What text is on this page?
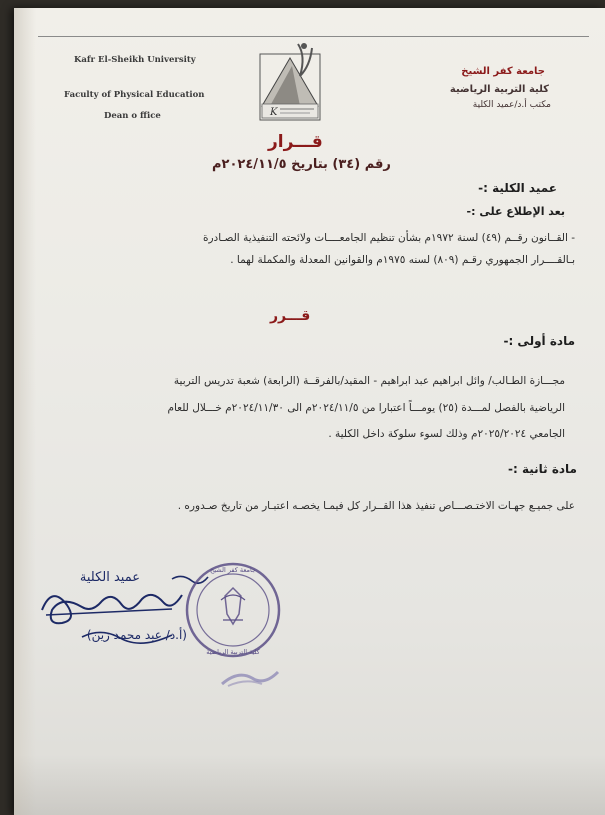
Kafr El-Sheikh University
Faculty of Physical Education
Dean o ffice
جامعة كفر الشيخ
كلية التربية الرياضية
مكتب أ.د/عميد الكلية
K
قـــرار
رقم (٣٤) بتاريخ ٢٠٢٤/١١/٥م
عميد الكلية :-
بعد الإطلاع على :-
- القــانون رقــم (٤٩) لسنة ١٩٧٢م بشأن تنظيم الجامعــــات ولائحته التنفيذية الصـادرة
بـالقــــرار الجمهوري رقـم (٨٠٩) لسنه ١٩٧٥م والقوانين المعدلة والمكملة لهما .
قـــرر
مادة أولى :-
مجـــازة الطـالب/ وائل ابراهيم عبد ابراهيم - المقيد/بالفرقــة (الرابعة) شعبة تدريس التربية
الرياضية بالفصل لمـــدة (٢٥) يومـــاً اعتبارا من ٢٠٢٤/١١/٥م الى ٢٠٢٤/١١/٣٠م خـــلال للعام
الجامعي ٢٠٢٥/٢٠٢٤م وذلك لسوء سلوكة داخل الكلية .
مادة ثانية :-
على جميـع جهـات الاختـصـــاص تنفيذ هذا القــرار كل فيمـا يخصـه اعتبـار من تاريخ صـدوره .
عميد الكلية
(أ.د/ عبد محمد زين)
جامعة كفر الشيخ
كلية التربية الرياضية
